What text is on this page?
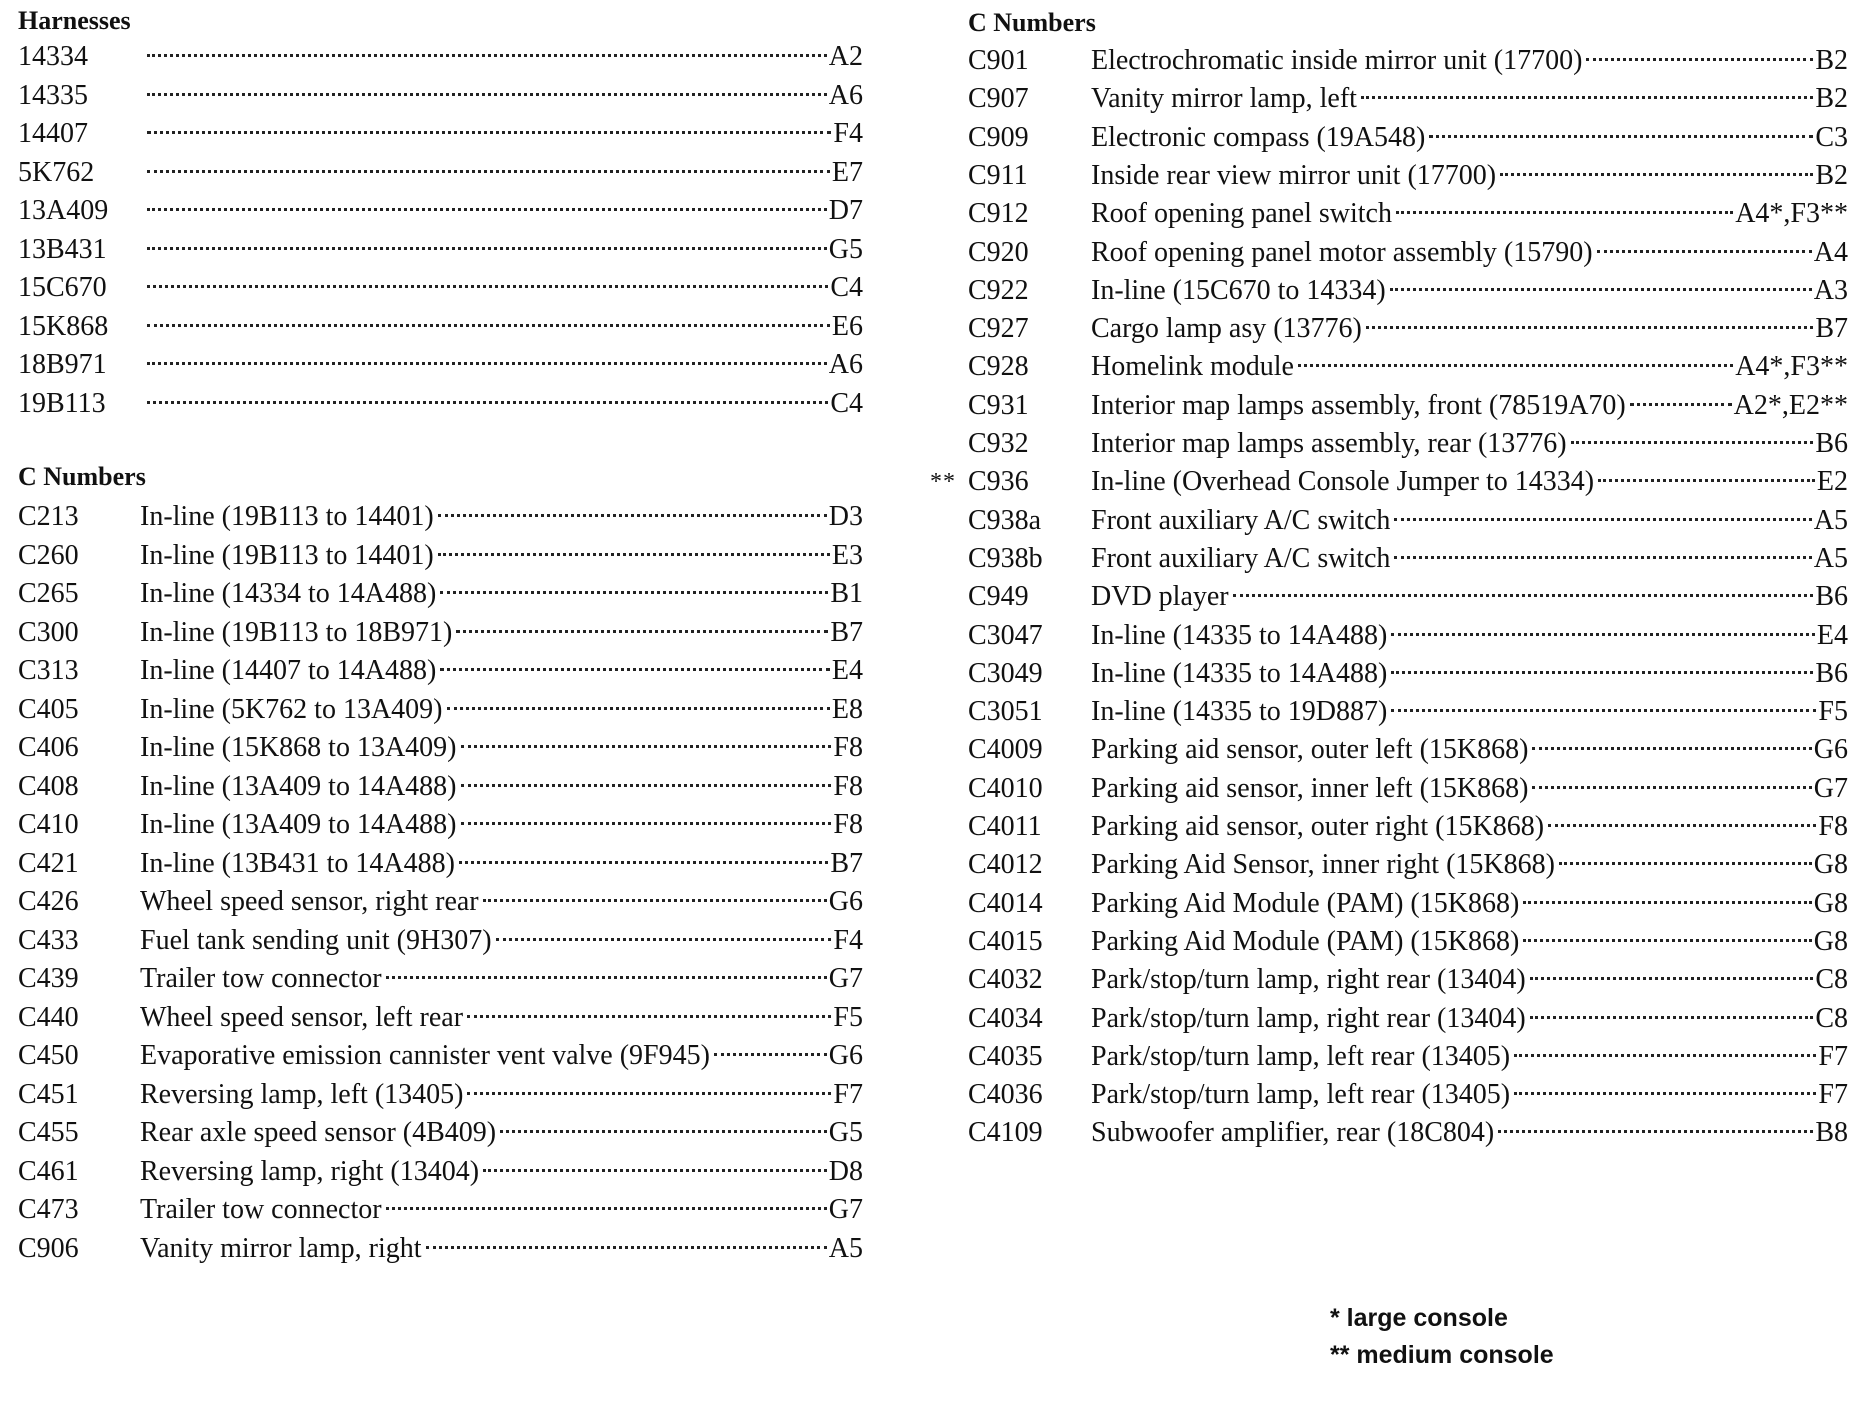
Harnesses
14334	A2
14335	A6
14407	F4
5K762	E7
13A409	D7
13B431	G5
15C670	C4
15K868	E6
18B971	A6
19B113	C4
C Numbers
C213	In-line (19B113 to 14401)	D3
C260	In-line (19B113 to 14401)	E3
C265	In-line (14334 to 14A488)	B1
C300	In-line (19B113 to 18B971)	B7
C313	In-line (14407 to 14A488)	E4
C405	In-line (5K762 to 13A409)	E8
C406	In-line (15K868 to 13A409)	F8
C408	In-line (13A409 to 14A488)	F8
C410	In-line (13A409 to 14A488)	F8
C421	In-line (13B431 to 14A488)	B7
C426	Wheel speed sensor, right rear	G6
C433	Fuel tank sending unit (9H307)	F4
C439	Trailer tow connector	G7
C440	Wheel speed sensor, left rear	F5
C450	Evaporative emission cannister vent valve (9F945)	G6
C451	Reversing lamp, left (13405)	F7
C455	Rear axle speed sensor (4B409)	G5
C461	Reversing lamp, right (13404)	D8
C473	Trailer tow connector	G7
C906	Vanity mirror lamp, right	A5
C Numbers
C901	Electrochromatic inside mirror unit (17700)	B2
C907	Vanity mirror lamp, left	B2
C909	Electronic compass (19A548)	C3
C911	Inside rear view mirror unit (17700)	B2
C912	Roof opening panel switch	A4*,F3**
C920	Roof opening panel motor assembly (15790)	A4
C922	In-line (15C670 to 14334)	A3
C927	Cargo lamp asy (13776)	B7
C928	Homelink module	A4*,F3**
C931	Interior map lamps assembly, front (78519A70)	A2*,E2**
C932	Interior map lamps assembly, rear (13776)	B6
** C936	In-line (Overhead Console Jumper to 14334)	E2
C938a	Front auxiliary A/C switch	A5
C938b	Front auxiliary A/C switch	A5
C949	DVD player	B6
C3047	In-line (14335 to 14A488)	E4
C3049	In-line (14335 to 14A488)	B6
C3051	In-line (14335 to 19D887)	F5
C4009	Parking aid sensor, outer left (15K868)	G6
C4010	Parking aid sensor, inner left (15K868)	G7
C4011	Parking aid sensor, outer right (15K868)	F8
C4012	Parking Aid Sensor, inner right (15K868)	G8
C4014	Parking Aid Module (PAM) (15K868)	G8
C4015	Parking Aid Module (PAM) (15K868)	G8
C4032	Park/stop/turn lamp, right rear (13404)	C8
C4034	Park/stop/turn lamp, right rear (13404)	C8
C4035	Park/stop/turn lamp, left rear (13405)	F7
C4036	Park/stop/turn lamp, left rear (13405)	F7
C4109	Subwoofer amplifier, rear (18C804)	B8
* large console
** medium console
